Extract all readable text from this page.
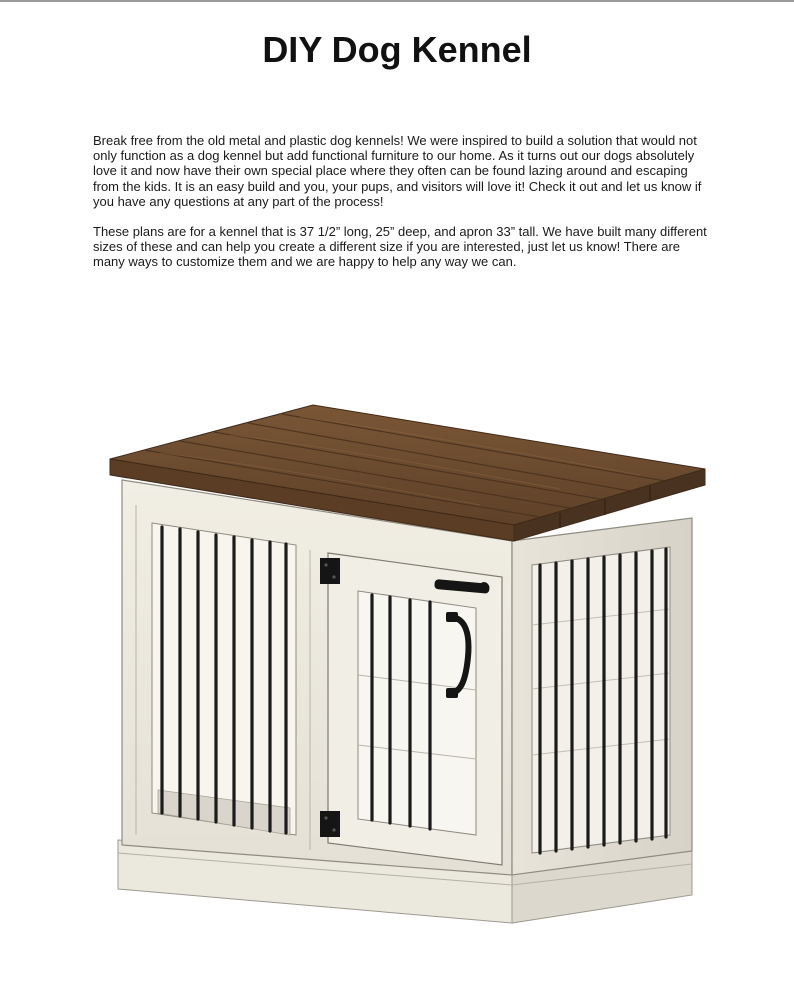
DIY Dog Kennel

Break free from the old metal and plastic dog kennels! We were inspired to build a solution that would not only function as a dog kennel but add functional furniture to our home. As it turns out our dogs absolutely love it and now have their own special place where they often can be found lazing around and escaping from the kids. It is an easy build and you, your pups, and visitors will love it! Check it out and let us know if you have any questions at any part of the process!

These plans are for a kennel that is 37 1/2” long, 25” deep, and apron 33” tall. We have built many different sizes of these and can help you create a different size if you are interested, just let us know! There are many ways to customize them and we are happy to help any way we can.
